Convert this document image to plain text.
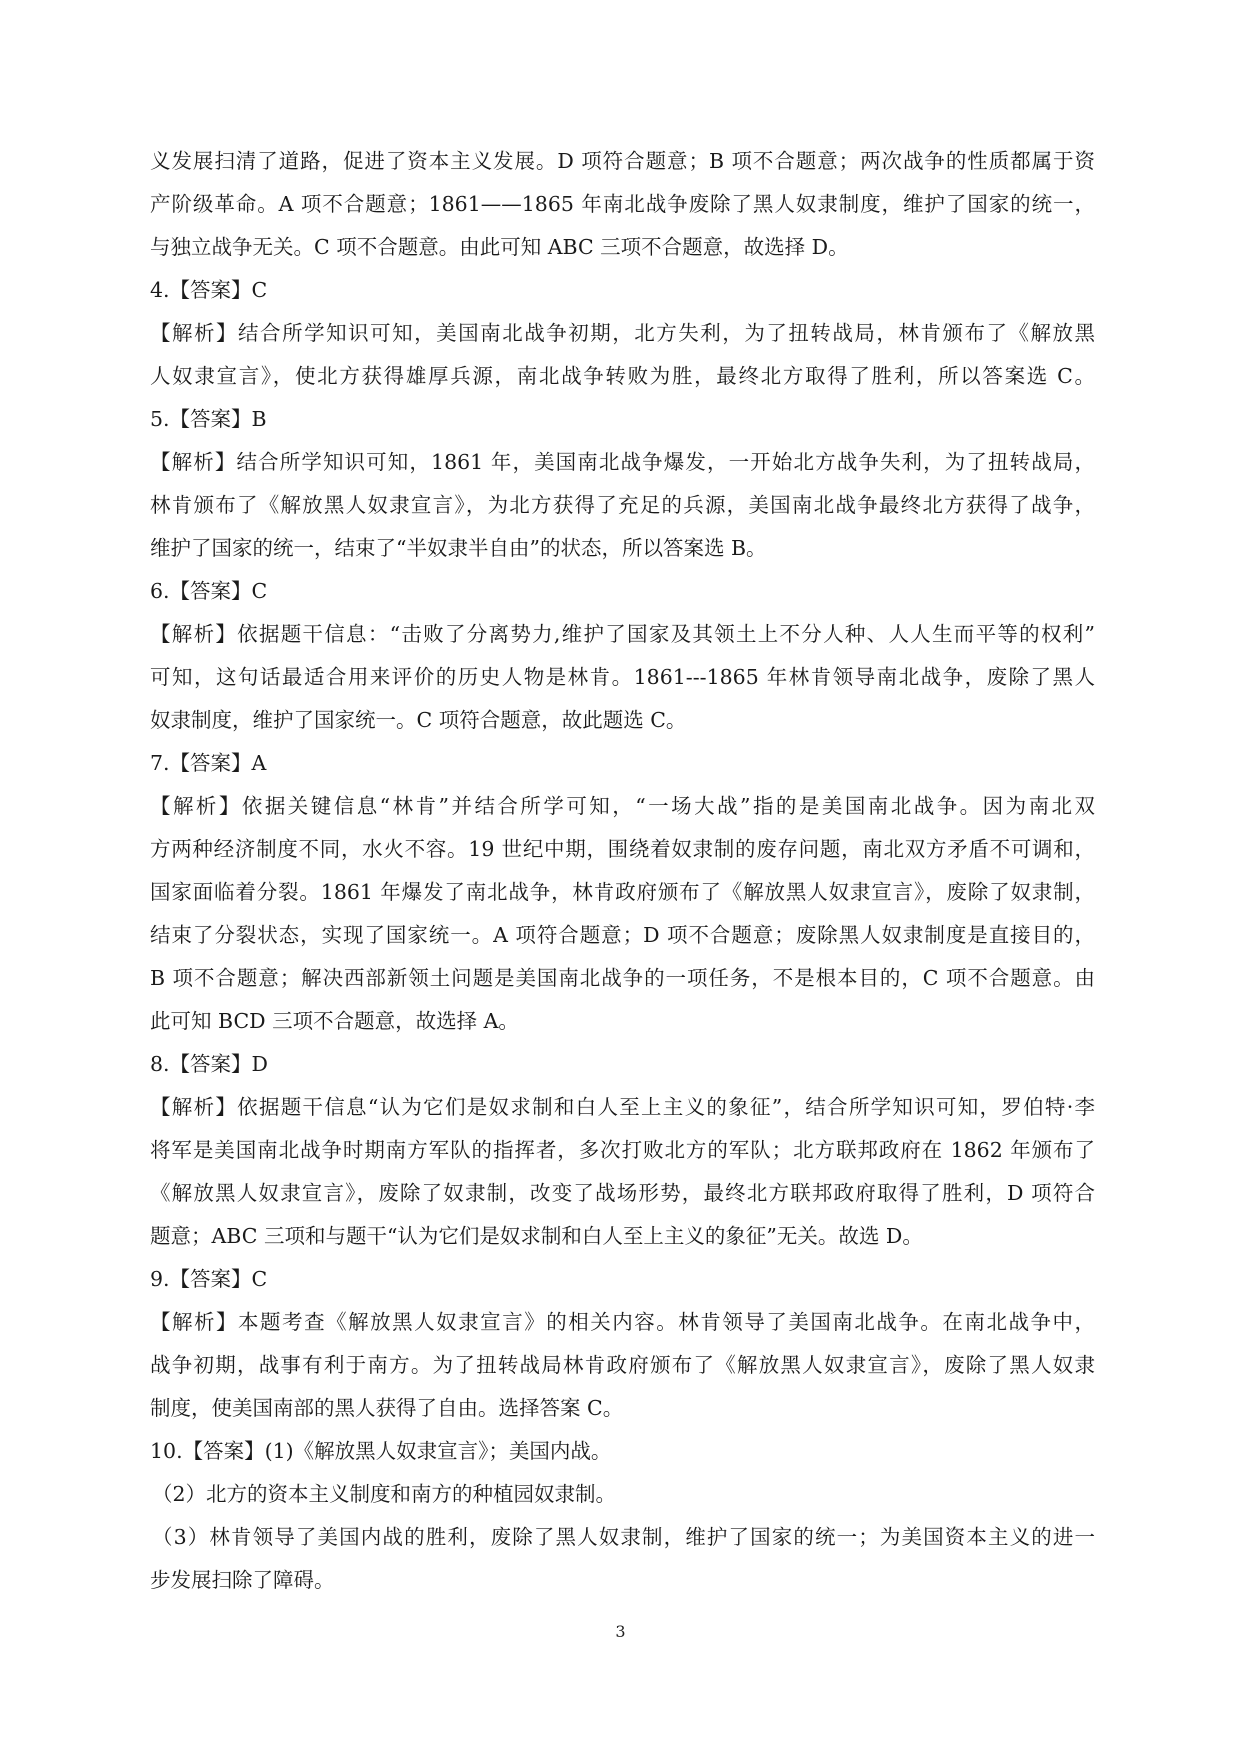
义发展扫清了道路，促进了资本主义发展。D 项符合题意；B 项不合题意；两次战争的性质都属于资
产阶级革命。A 项不合题意；1861——1865 年南北战争废除了黑人奴隶制度，维护了国家的统一，
与独立战争无关。C 项不合题意。由此可知 ABC 三项不合题意，故选择 D。
4.【答案】C
【解析】结合所学知识可知，美国南北战争初期，北方失利，为了扭转战局，林肯颁布了《解放黑
人奴隶宣言》，使北方获得雄厚兵源，南北战争转败为胜，最终北方取得了胜利，所以答案选 C。
5.【答案】B
【解析】结合所学知识可知，1861 年，美国南北战争爆发，一开始北方战争失利，为了扭转战局，
林肯颁布了《解放黑人奴隶宣言》，为北方获得了充足的兵源，美国南北战争最终北方获得了战争，
维护了国家的统一，结束了“半奴隶半自由”的状态，所以答案选 B。
6.【答案】C
【解析】依据题干信息：“击败了分离势力,维护了国家及其领土上不分人种、人人生而平等的权利”
可知，这句话最适合用来评价的历史人物是林肯。1861---1865 年林肯领导南北战争，废除了黑人
奴隶制度，维护了国家统一。C 项符合题意，故此题选 C。
7.【答案】A
【解析】依据关键信息“林肯”并结合所学可知，“一场大战”指的是美国南北战争。因为南北双
方两种经济制度不同，水火不容。19 世纪中期，围绕着奴隶制的废存问题，南北双方矛盾不可调和，
国家面临着分裂。1861 年爆发了南北战争，林肯政府颁布了《解放黑人奴隶宣言》，废除了奴隶制，
结束了分裂状态，实现了国家统一。A 项符合题意；D 项不合题意；废除黑人奴隶制度是直接目的，
B 项不合题意；解决西部新领土问题是美国南北战争的一项任务，不是根本目的，C 项不合题意。由
此可知 BCD 三项不合题意，故选择 A。
8.【答案】D
【解析】依据题干信息“认为它们是奴求制和白人至上主义的象征”，结合所学知识可知，罗伯特·李
将军是美国南北战争时期南方军队的指挥者，多次打败北方的军队；北方联邦政府在 1862 年颁布了
《解放黑人奴隶宣言》，废除了奴隶制，改变了战场形势，最终北方联邦政府取得了胜利，D 项符合
题意；ABC 三项和与题干“认为它们是奴求制和白人至上主义的象征”无关。故选 D。
9.【答案】C
【解析】本题考查《解放黑人奴隶宣言》的相关内容。林肯领导了美国南北战争。在南北战争中，
战争初期，战事有利于南方。为了扭转战局林肯政府颁布了《解放黑人奴隶宣言》，废除了黑人奴隶
制度，使美国南部的黑人获得了自由。选择答案 C。
10.【答案】(1)《解放黑人奴隶宣言》；美国内战。
（2）北方的资本主义制度和南方的种植园奴隶制。
（3）林肯领导了美国内战的胜利，废除了黑人奴隶制，维护了国家的统一；为美国资本主义的进一
步发展扫除了障碍。
3
